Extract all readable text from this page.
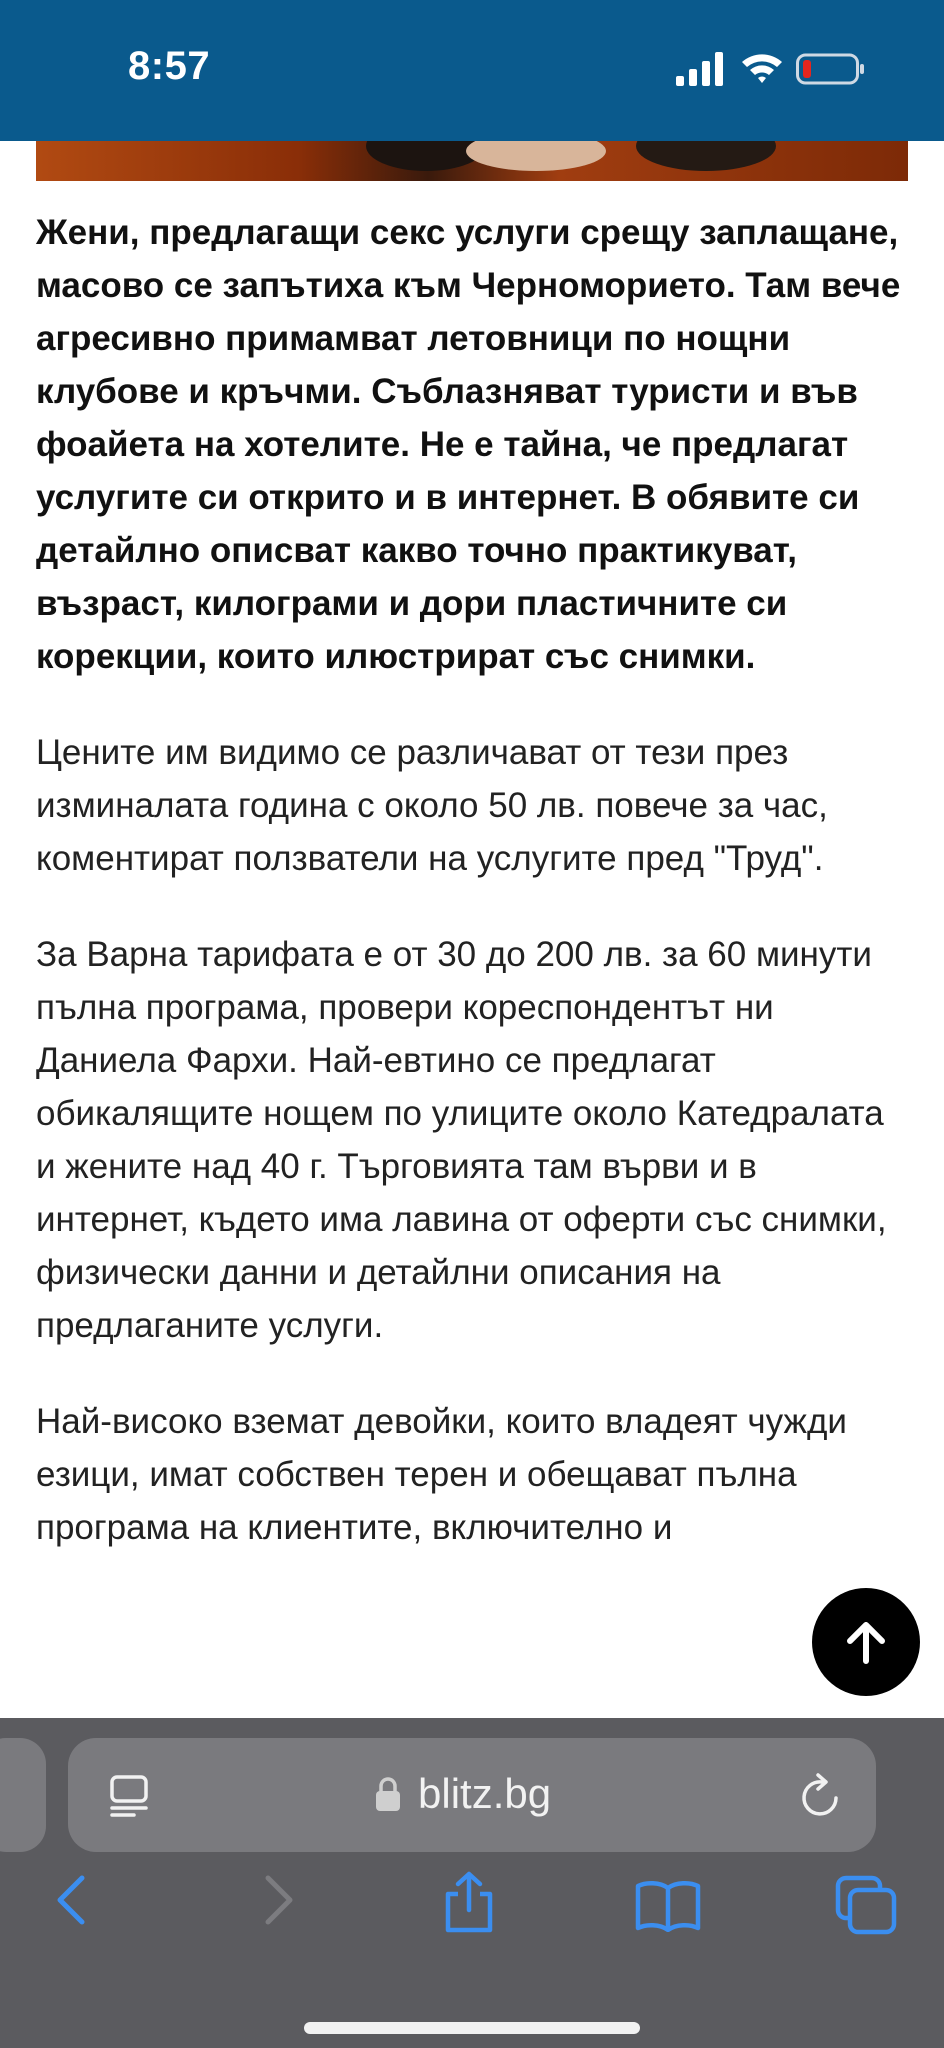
8:57

Жени, предлагащи секс услуги срещу заплащане, масово се запътиха към Черноморието. Там вече агресивно примамват летовници по нощни клубове и кръчми. Съблазняват туристи и във фоайета на хотелите. Не е тайна, че предлагат услугите си открито и в интернет. В обявите си детайлно описват какво точно практикуват, възраст, килограми и дори пластичните си корекции, които илюстрират със снимки.

Цените им видимо се различават от тези през изминалата година с около 50 лв. повече за час, коментират ползватели на услугите пред "Труд".

За Варна тарифата е от 30 до 200 лв. за 60 минути пълна програма, провери кореспондентът ни Даниела Фархи. Най-евтино се предлагат обикалящите нощем по улиците около Катедралата и жените над 40 г. Търговията там върви и в интернет, където има лавина от оферти със снимки, физически данни и детайлни описания на предлаганите услуги.

Най-високо вземат девойки, които владеят чужди езици, имат собствен терен и обещават пълна програма на клиентите, включително и

blitz.bg
